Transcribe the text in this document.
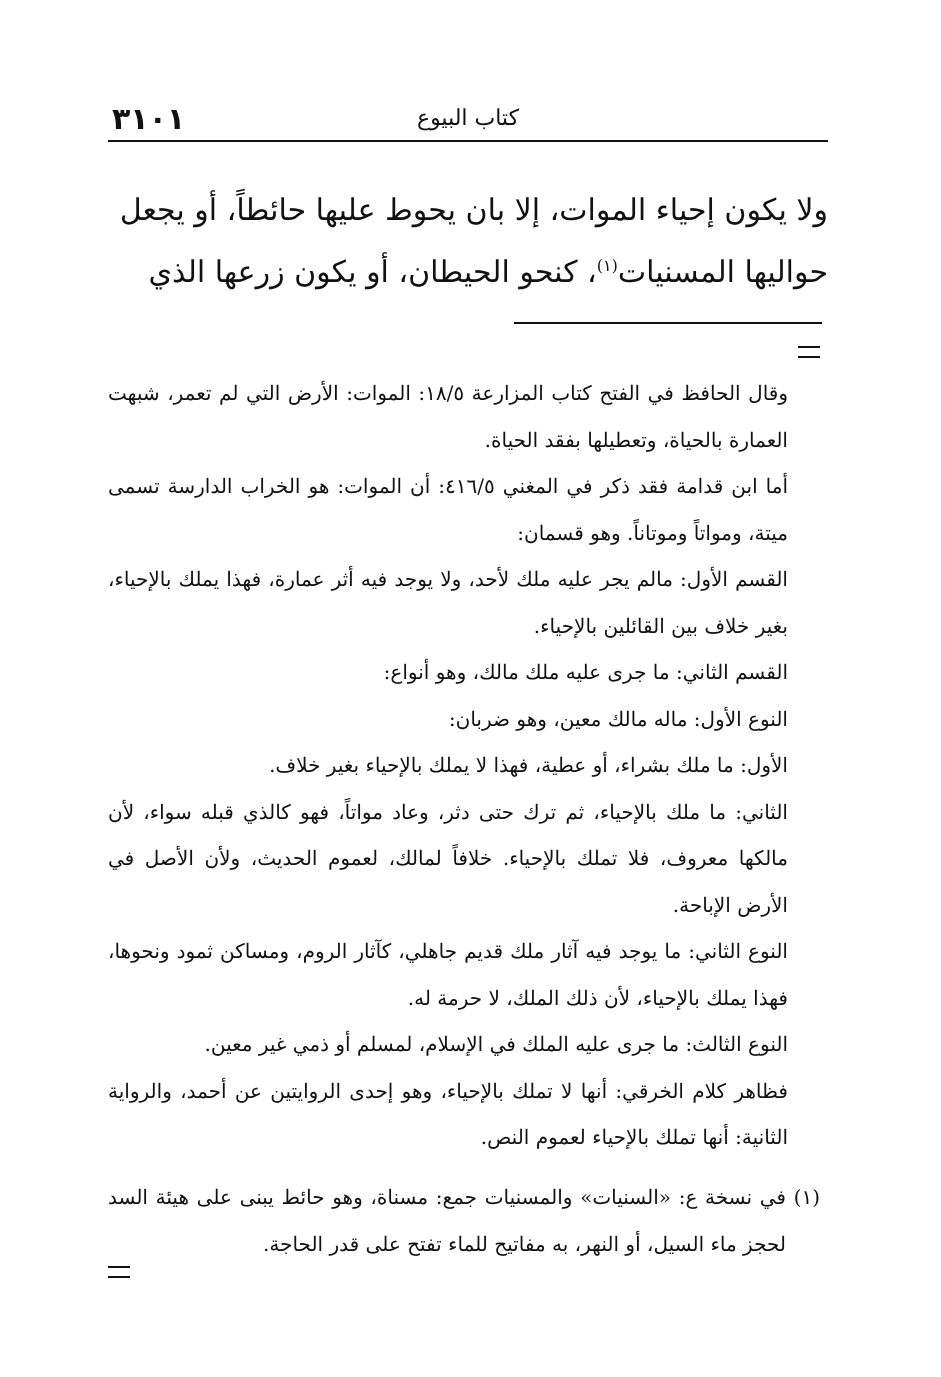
٣١٠١	كتاب البيوع

ولا يكون إحياء الموات، إلا بان يحوط عليها حائطاً، أو يجعل

حواليها المسنيات$^{(١)}$، كنحو الحيطان، أو يكون زرعها الذي

وقال الحافظ في الفتح كتاب المزارعة ١٨/٥: الموات: الأرض التي لم تعمر، شبهت العمارة بالحياة، وتعطيلها بفقد الحياة.

أما ابن قدامة فقد ذكر في المغني ٤١٦/٥: أن الموات: هو الخراب الدارسة تسمى ميتة، ومواتاً وموتاناً. وهو قسمان:

القسم الأول: مالم يجر عليه ملك لأحد، ولا يوجد فيه أثر عمارة، فهذا يملك بالإحياء، بغير خلاف بين القائلين بالإحياء.

القسم الثاني: ما جرى عليه ملك مالك، وهو أنواع:

النوع الأول: ماله مالك معين، وهو ضربان:

الأول: ما ملك بشراء، أو عطية، فهذا لا يملك بالإحياء بغير خلاف.

الثاني: ما ملك بالإحياء، ثم ترك حتى دثر، وعاد مواتاً، فهو كالذي قبله سواء، لأن مالكها معروف، فلا تملك بالإحياء. خلافاً لمالك، لعموم الحديث، ولأن الأصل في الأرض الإباحة.

النوع الثاني: ما يوجد فيه آثار ملك قديم جاهلي، كآثار الروم، ومساكن ثمود ونحوها، فهذا يملك بالإحياء، لأن ذلك الملك، لا حرمة له.

النوع الثالث: ما جرى عليه الملك في الإسلام، لمسلم أو ذمي غير معين.

فظاهر كلام الخرقي: أنها لا تملك بالإحياء، وهو إحدى الروايتين عن أحمد، والرواية الثانية: أنها تملك بالإحياء لعموم النص.

(١)
في نسخة ع: «السنيات» والمسنيات جمع: مسناة، وهو حائط يبنى على هيئة السد لحجز ماء السيل، أو النهر، به مفاتيح للماء تفتح على قدر الحاجة.
